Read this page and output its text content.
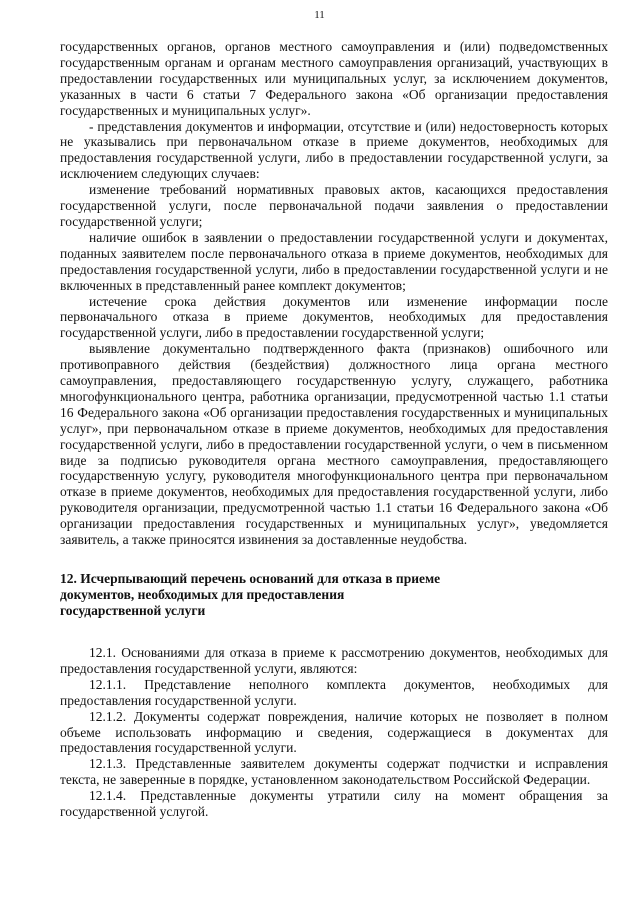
11

государственных органов, органов местного самоуправления и (или) подведомственных государственным органам и органам местного самоуправления организаций, участвующих в предоставлении государственных или муниципальных услуг, за исключением документов, указанных в части 6 статьи 7 Федерального закона «Об организации предоставления государственных и муниципальных услуг».

- представления документов и информации, отсутствие и (или) недостоверность которых не указывались при первоначальном отказе в приеме документов, необходимых для предоставления государственной услуги, либо в предоставлении государственной услуги, за исключением следующих случаев:

изменение требований нормативных правовых актов, касающихся предоставления государственной услуги, после первоначальной подачи заявления о предоставлении государственной услуги;

наличие ошибок в заявлении о предоставлении государственной услуги и документах, поданных заявителем после первоначального отказа в приеме документов, необходимых для предоставления государственной услуги, либо в предоставлении государственной услуги и не включенных в представленный ранее комплект документов;

истечение срока действия документов или изменение информации после первоначального отказа в приеме документов, необходимых для предоставления государственной услуги, либо в предоставлении государственной услуги;

выявление документально подтвержденного факта (признаков) ошибочного или противоправного действия (бездействия) должностного лица органа местного самоуправления, предоставляющего государственную услугу, служащего, работника многофункционального центра, работника организации, предусмотренной частью 1.1 статьи 16 Федерального закона «Об организации предоставления государственных и муниципальных услуг», при первоначальном отказе в приеме документов, необходимых для предоставления государственной услуги, либо в предоставлении государственной услуги, о чем в письменном виде за подписью руководителя органа местного самоуправления, предоставляющего государственную услугу, руководителя многофункционального центра при первоначальном отказе в приеме документов, необходимых для предоставления государственной услуги, либо руководителя организации, предусмотренной частью 1.1 статьи 16 Федерального закона «Об организации предоставления государственных и муниципальных услуг», уведомляется заявитель, а также приносятся извинения за доставленные неудобства.

12. Исчерпывающий перечень оснований для отказа в приеме
документов, необходимых для предоставления
государственной услуги

12.1. Основаниями для отказа в приеме к рассмотрению документов, необходимых для предоставления государственной услуги, являются:

12.1.1. Представление неполного комплекта документов, необходимых для предоставления государственной услуги.

12.1.2. Документы содержат повреждения, наличие которых не позволяет в полном объеме использовать информацию и сведения, содержащиеся в документах для предоставления государственной услуги.

12.1.3. Представленные заявителем документы содержат подчистки и исправления текста, не заверенные в порядке, установленном законодательством Российской Федерации.

12.1.4. Представленные документы утратили силу на момент обращения за государственной услугой.
